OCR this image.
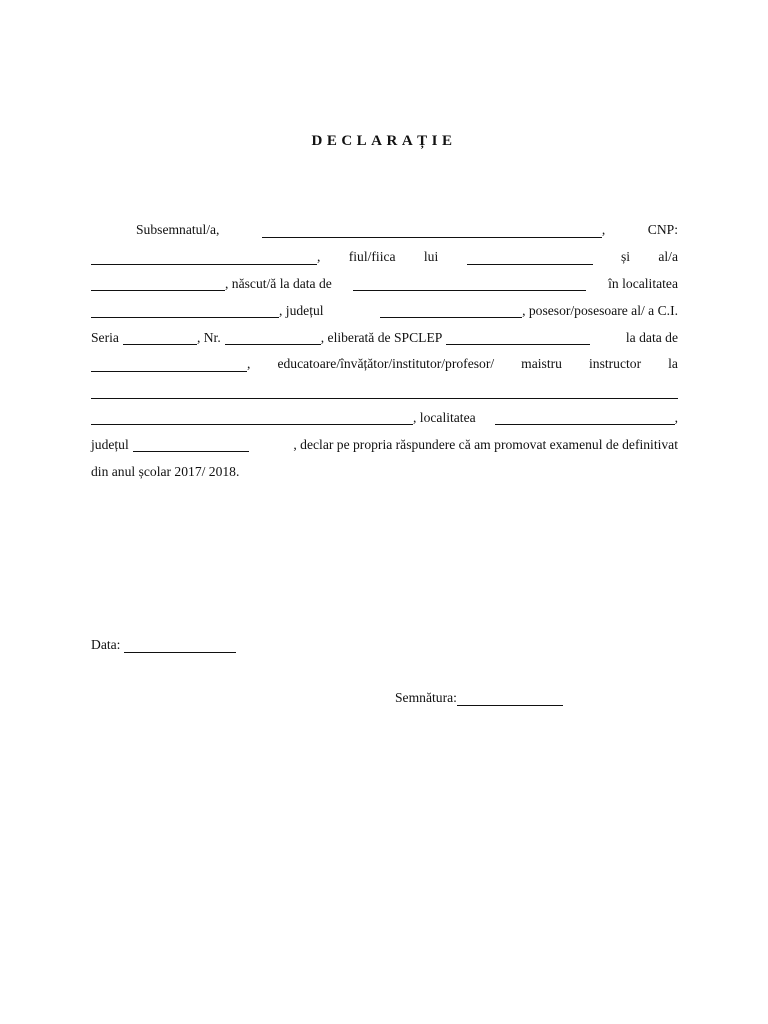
DECLARAȚIE
Subsemnatul/a,	,	CNP:
, fiul/fiica lui	și al/a
, născut/ă la data de	în localitatea
, județul	, posesor/posesoare al/ a C.I.
Seria	, Nr.	, eliberată de SPCLEP	la data de
, educatoare/învățător/institutor/profesor/ maistru instructor la
, localitatea	,
județul	, declar pe propria răspundere că am promovat examenul de definitivat
din anul școlar 2017/ 2018.
Data:
Semnătura:
